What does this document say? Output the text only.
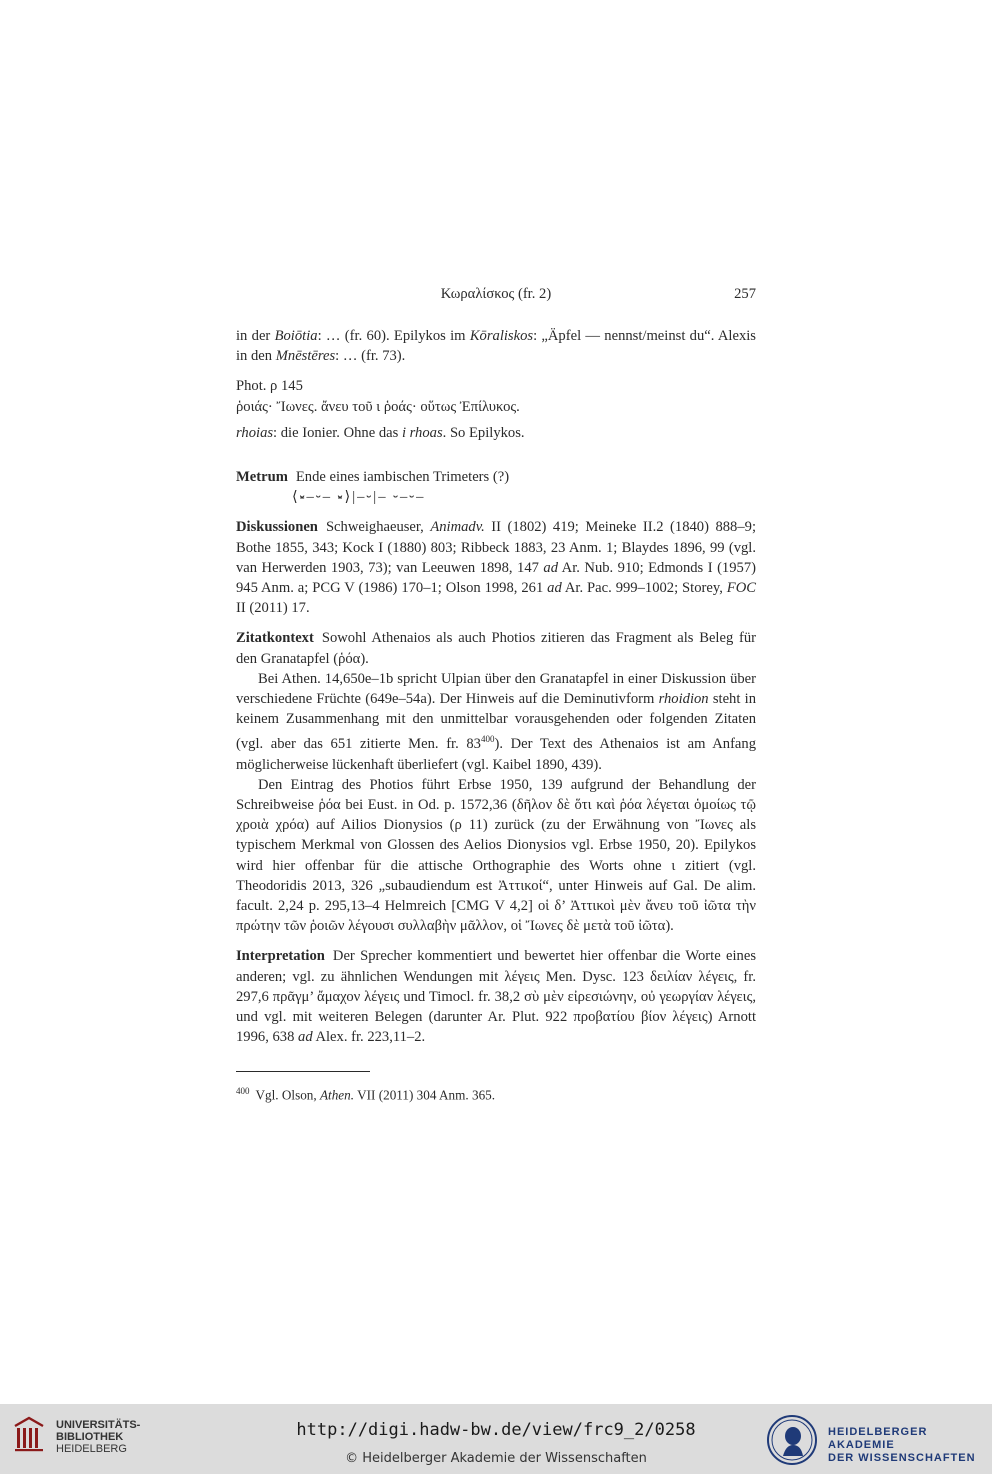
Κωραλίσκος (fr. 2)	257

in der Boiōtia: … (fr. 60). Epilykos im Kōraliskos: „Äpfel — nennst/meinst du“. Alexis in den Mnēstēres: … (fr. 73).

Phot. ρ 145

ῥοιάς· Ἴωνες. ἄνευ τοῦ ι ῥοάς· οὕτως Ἐπίλυκος.

rhoias: die Ionier. Ohne das i rhoas. So Epilykos.

Metrum Ende eines iambischen Trimeters (?)

⟨⏓–⏑– ⏓⟩|–⏑|– ⏑–⏑–

Diskussionen Schweighaeuser, Animadv. II (1802) 419; Meineke II.2 (1840) 888–9; Bothe 1855, 343; Kock I (1880) 803; Ribbeck 1883, 23 Anm. 1; Blaydes 1896, 99 (vgl. van Herwerden 1903, 73); van Leeuwen 1898, 147 ad Ar. Nub. 910; Edmonds I (1957) 945 Anm. a; PCG V (1986) 170–1; Olson 1998, 261 ad Ar. Pac. 999–1002; Storey, FOC II (2011) 17.

Zitatkontext Sowohl Athenaios als auch Photios zitieren das Fragment als Beleg für den Granatapfel (ῥόα).

Bei Athen. 14,650e–1b spricht Ulpian über den Granatapfel in einer Diskussion über verschiedene Früchte (649e–54a). Der Hinweis auf die Deminutivform rhoidion steht in keinem Zusammenhang mit den unmittelbar vorausgehenden oder folgenden Zitaten (vgl. aber das 651 zitierte Men. fr. $83^{400}$). Der Text des Athenaios ist am Anfang möglicherweise lückenhaft überliefert (vgl. Kaibel 1890, 439).

Den Eintrag des Photios führt Erbse 1950, 139 aufgrund der Behandlung der Schreibweise ῥόα bei Eust. in Od. p. 1572,36 (δῆλον δὲ ὅτι καὶ ῥόα λέγεται ὁμοίως τῷ χροιὰ χρόα) auf Ailios Dionysios (ρ 11) zurück (zu der Erwähnung von Ἴωνες als typischem Merkmal von Glossen des Aelios Dionysios vgl. Erbse 1950, 20). Epilykos wird hier offenbar für die attische Orthographie des Worts ohne ι zitiert (vgl. Theodoridis 2013, 326 „subaudiendum est Ἀττικοί“, unter Hinweis auf Gal. De alim. facult. 2,24 p. 295,13–4 Helmreich [CMG V 4,2] οἱ δ’ Ἀττικοὶ μὲν ἄνευ τοῦ ἰῶτα τὴν πρώτην τῶν ῥοιῶν λέγουσι συλλαβὴν μᾶλλον, οἱ Ἴωνες δὲ μετὰ τοῦ ἰῶτα).

Interpretation Der Sprecher kommentiert und bewertet hier offenbar die Worte eines anderen; vgl. zu ähnlichen Wendungen mit λέγεις Men. Dysc. 123 δειλίαν λέγεις, fr. 297,6 πρᾶγμ’ ἄμαχον λέγεις und Timocl. fr. 38,2 σὺ μὲν εἰρεσιώνην, οὐ γεωργίαν λέγεις, und vgl. mit weiteren Belegen (darunter Ar. Plut. 922 προβατίου βίον λέγεις) Arnott 1996, 638 ad Alex. fr. 223,11–2.

$^{400}$ Vgl. Olson, Athen. VII (2011) 304 Anm. 365.

UNIVERSITÄTS-
BIBLIOTHEK
HEIDELBERG
http://digi.hadw-bw.de/view/frc9_2/0258
© Heidelberger Akademie der Wissenschaften
HEIDELBERGER AKADEMIE
DER WISSENSCHAFTEN
